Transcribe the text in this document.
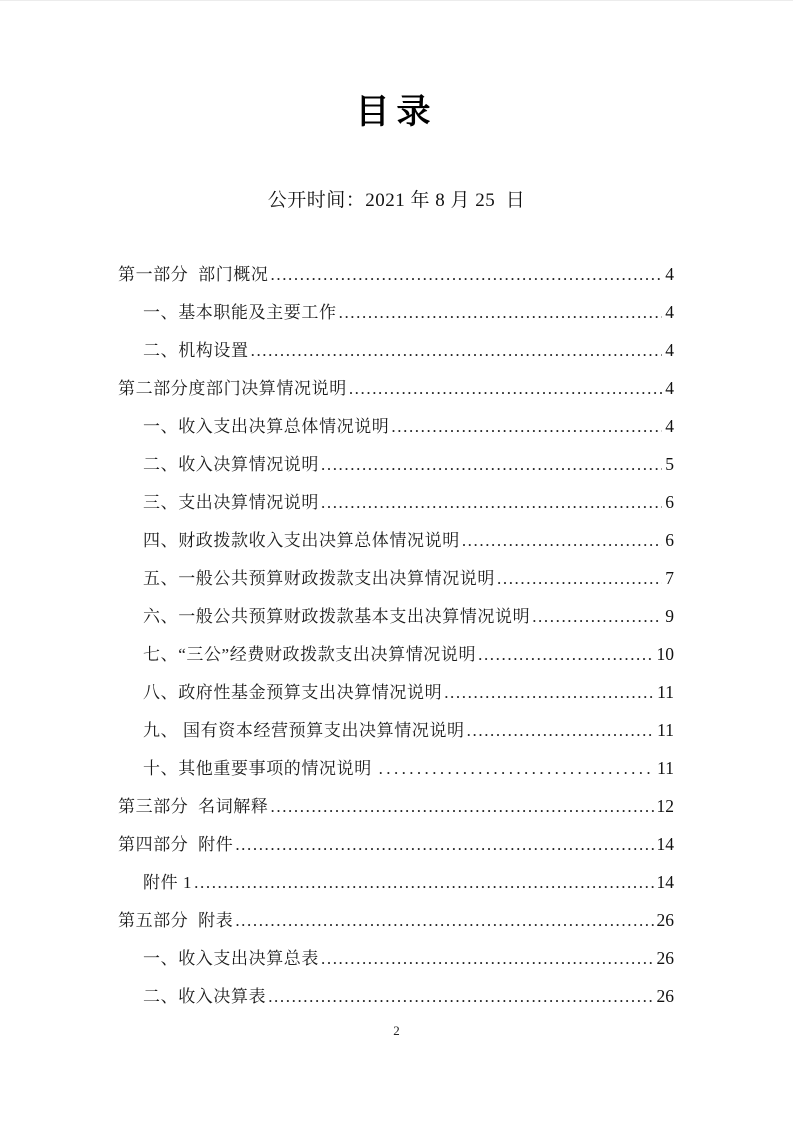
目录
公开时间：2021 年 8 月 25  日
第一部分  部门概况 .....	4
一、基本职能及主要工作 .....	4
二、机构设置 .....	4
第二部分度部门决算情况说明 .....	4
一、收入支出决算总体情况说明 .....	4
二、收入决算情况说明 .....	5
三、支出决算情况说明 .....	6
四、财政拨款收入支出决算总体情况说明 .....	6
五、一般公共预算财政拨款支出决算情况说明 .....	7
六、一般公共预算财政拨款基本支出决算情况说明 .....	9
七、“三公”经费财政拨款支出决算情况说明 .....	10
八、政府性基金预算支出决算情况说明 .....	11
九、 国有资本经营预算支出决算情况说明 .....	11
十、其他重要事项的情况说明 .....	11
第三部分  名词解释 .....	12
第四部分  附件 .....	14
附件 1 .....	14
第五部分  附表 .....	26
一、收入支出决算总表 .....	26
二、收入决算表 .....	26
2
